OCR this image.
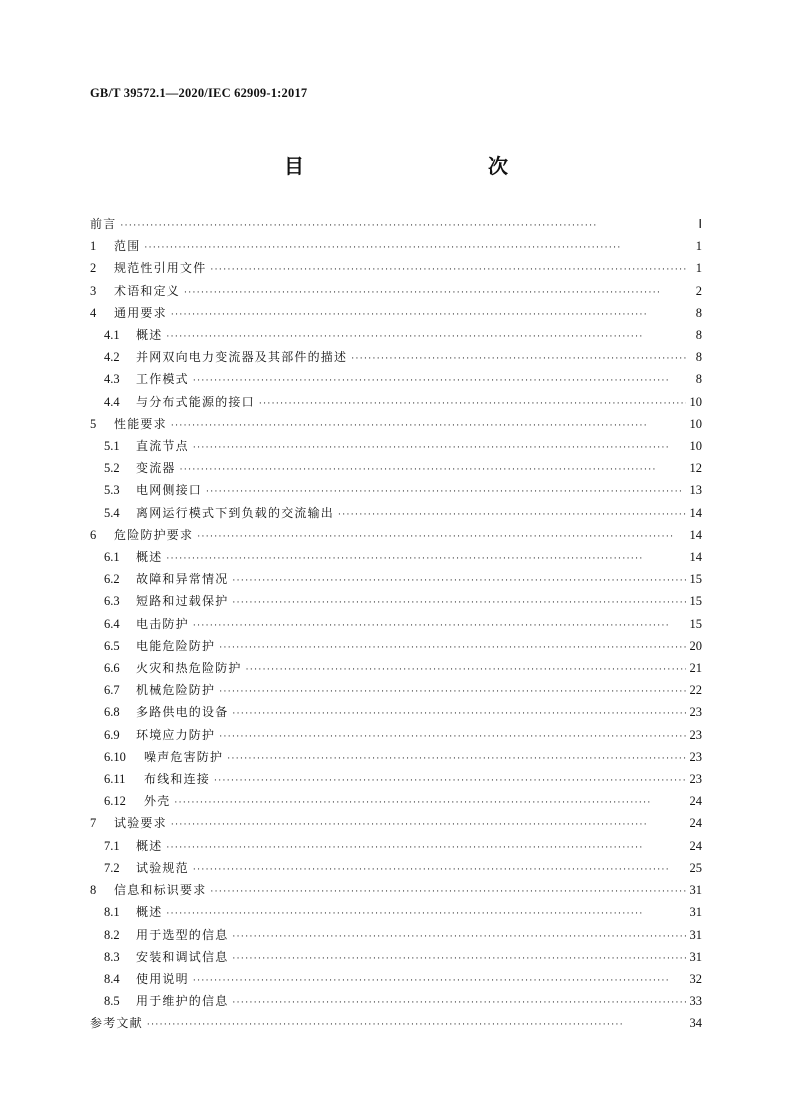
GB/T 39572.1—2020/IEC 62909-1:2017
目　　次
前言 ·····	Ⅰ
1	范围 ·····	1
2	规范性引用文件 ·····	1
3	术语和定义 ·····	2
4	通用要求 ·····	8
4.1	概述 ·····	8
4.2	并网双向电力变流器及其部件的描述 ·····	8
4.3	工作模式 ·····	8
4.4	与分布式能源的接口 ·····	10
5	性能要求 ·····	10
5.1	直流节点 ·····	10
5.2	变流器 ·····	12
5.3	电网侧接口 ·····	13
5.4	离网运行模式下到负载的交流输出 ·····	14
6	危险防护要求 ·····	14
6.1	概述 ·····	14
6.2	故障和异常情况 ·····	15
6.3	短路和过载保护 ·····	15
6.4	电击防护 ·····	15
6.5	电能危险防护 ·····	20
6.6	火灾和热危险防护 ·····	21
6.7	机械危险防护 ·····	22
6.8	多路供电的设备 ·····	23
6.9	环境应力防护 ·····	23
6.10	噪声危害防护 ·····	23
6.11	布线和连接 ·····	23
6.12	外壳 ·····	24
7	试验要求 ·····	24
7.1	概述 ·····	24
7.2	试验规范 ·····	25
8	信息和标识要求 ·····	31
8.1	概述 ·····	31
8.2	用于选型的信息 ·····	31
8.3	安装和调试信息 ·····	31
8.4	使用说明 ·····	32
8.5	用于维护的信息 ·····	33
参考文献 ·····	34
